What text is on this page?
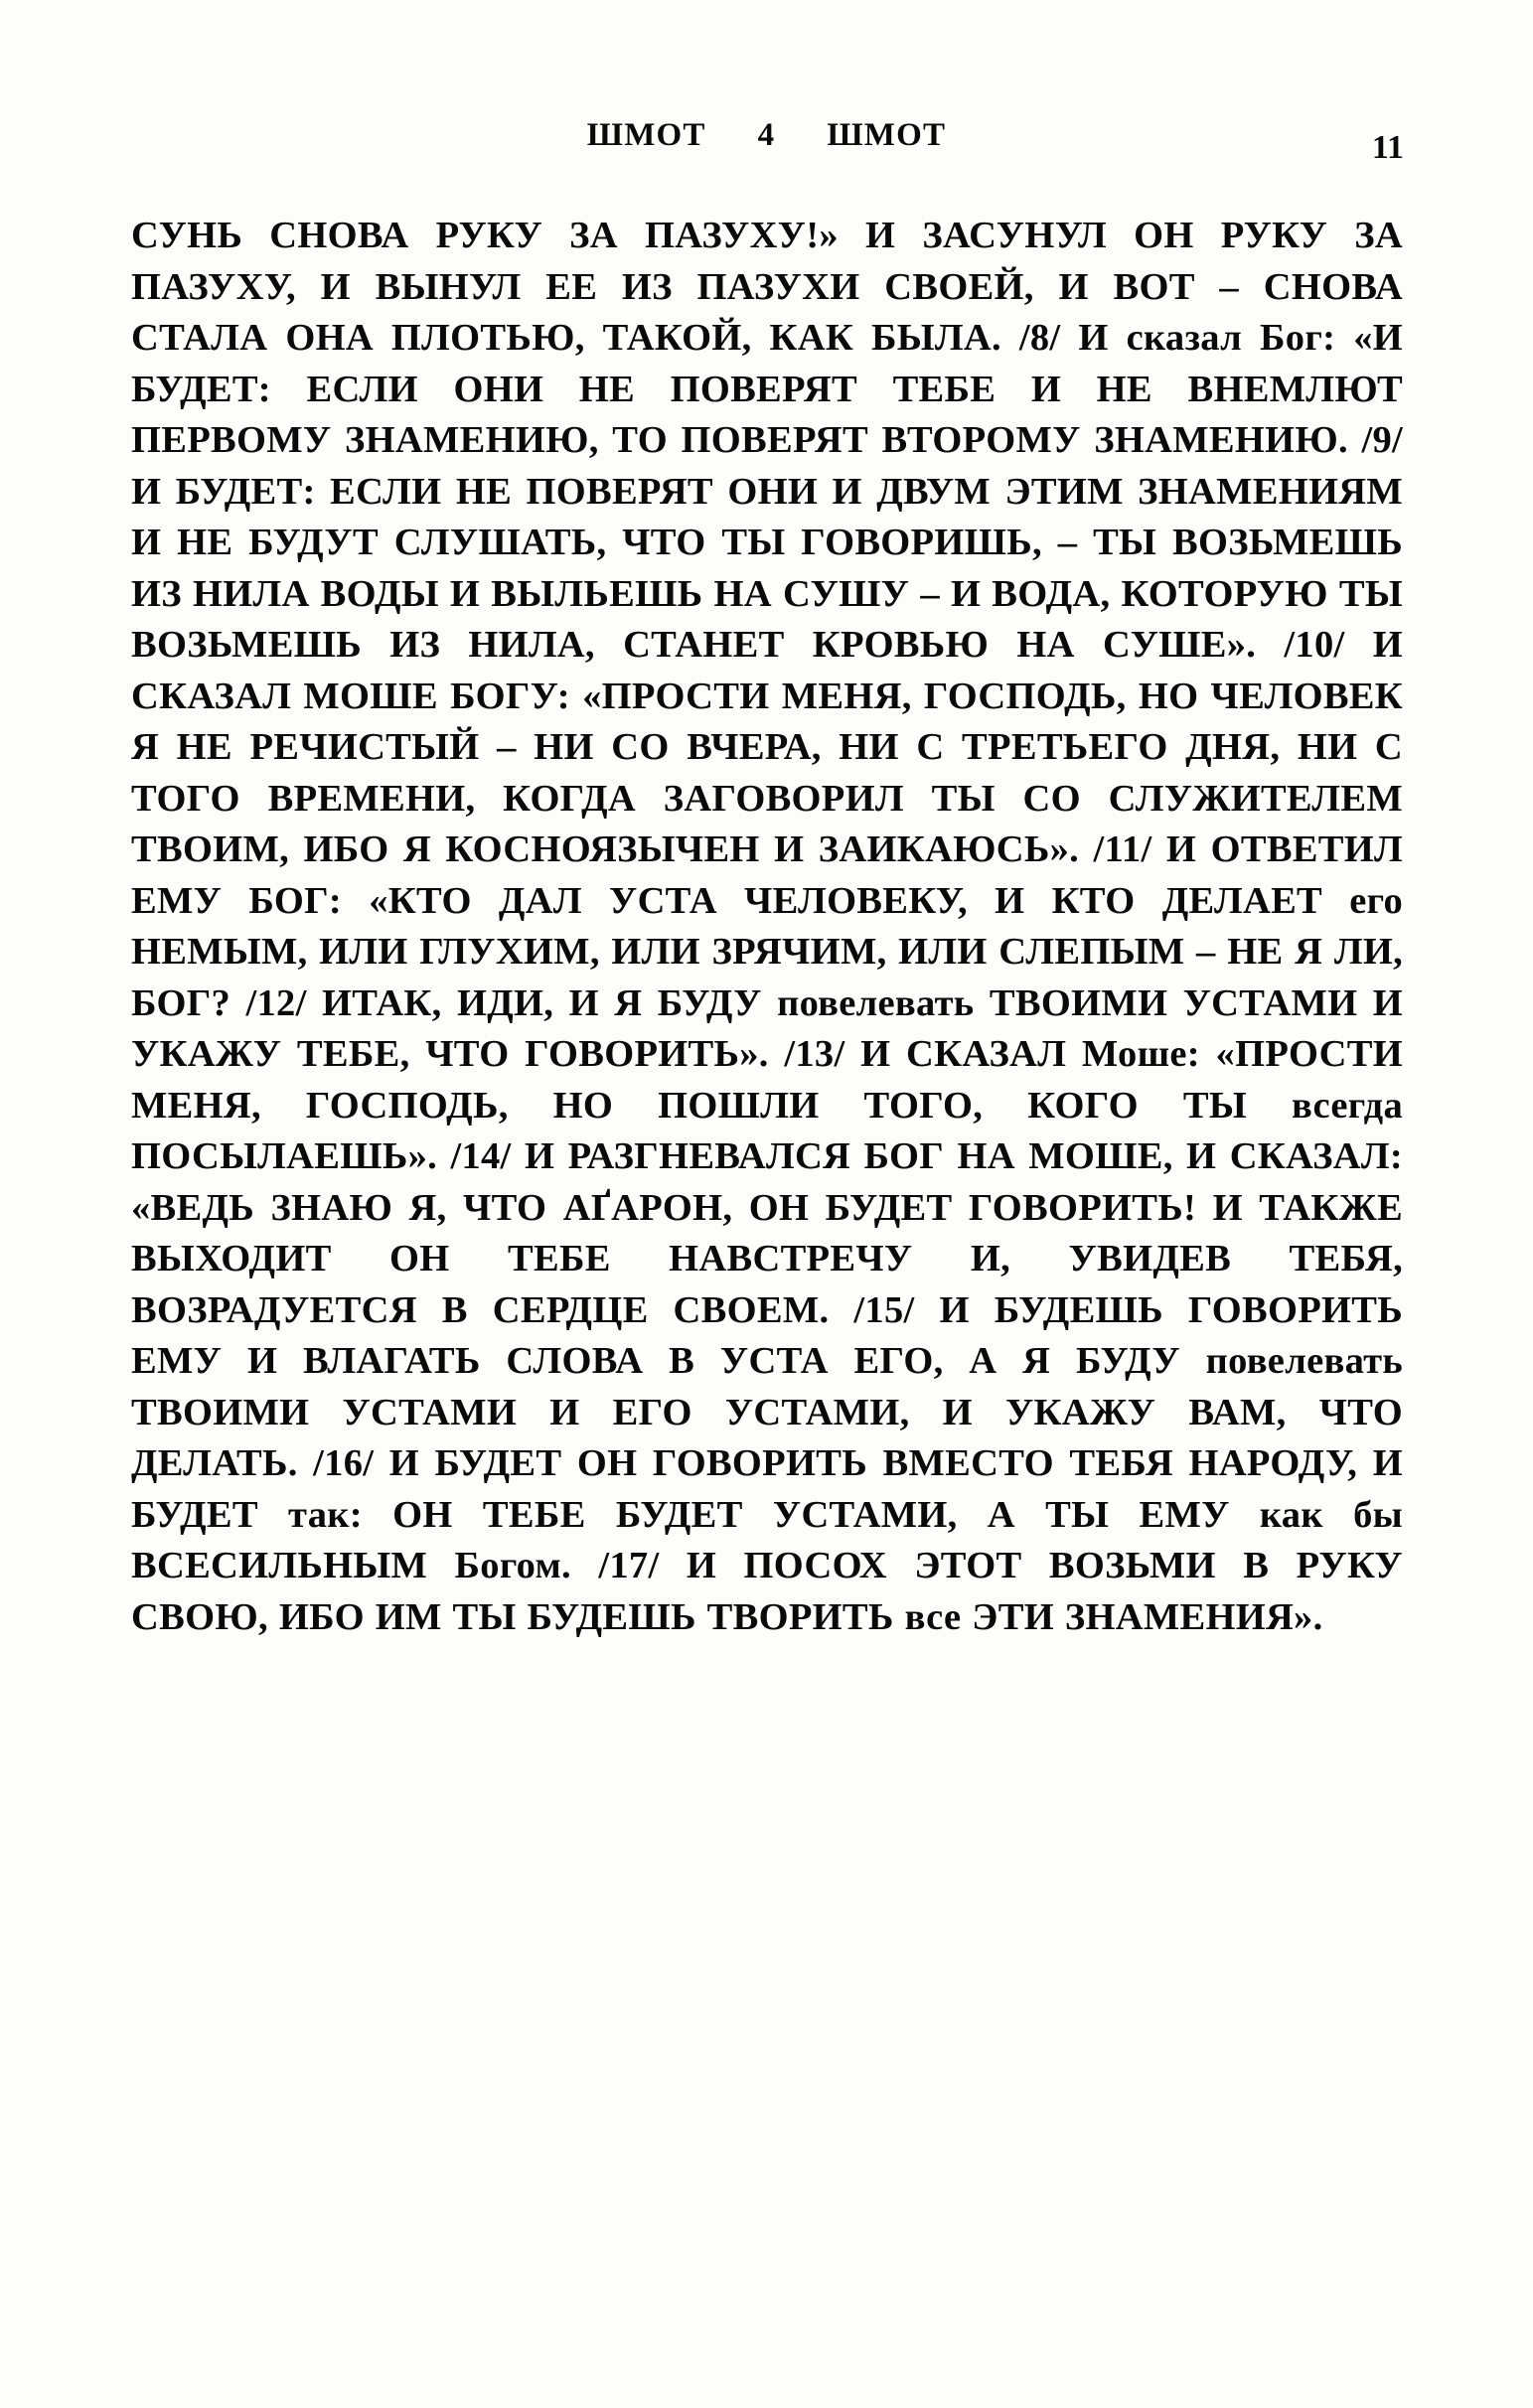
ШМОТ 4 ШМОТ	11
СУНЬ СНОВА РУКУ ЗА ПАЗУХУ!» И ЗАСУНУЛ ОН РУКУ ЗА ПАЗУХУ, И ВЫНУЛ ЕЕ ИЗ ПАЗУХИ СВОЕЙ, И ВОТ – СНОВА СТАЛА ОНА ПЛОТЬЮ, ТАКОЙ, КАК БЫЛА. /8/ И сказал Бог: «И БУДЕТ: ЕСЛИ ОНИ НЕ ПОВЕРЯТ ТЕБЕ И НЕ ВНЕМЛЮТ ПЕРВОМУ ЗНАМЕНИЮ, ТО ПОВЕРЯТ ВТОРОМУ ЗНАМЕНИЮ. /9/ И БУДЕТ: ЕСЛИ НЕ ПОВЕРЯТ ОНИ И ДВУМ ЭТИМ ЗНАМЕНИЯМ И НЕ БУДУТ СЛУШАТЬ, ЧТО ТЫ ГОВОРИШЬ, – ТЫ ВОЗЬМЕШЬ ИЗ НИЛА ВОДЫ И ВЫЛЬЕШЬ НА СУШУ – И ВОДА, КОТОРУЮ ТЫ ВОЗЬМЕШЬ ИЗ НИЛА, СТАНЕТ КРОВЬЮ НА СУШЕ». /10/ И СКАЗАЛ МОШЕ БОГУ: «ПРОСТИ МЕНЯ, ГОСПОДЬ, НО ЧЕЛОВЕК Я НЕ РЕЧИСТЫЙ – НИ СО ВЧЕРА, НИ С ТРЕТЬЕГО ДНЯ, НИ С ТОГО ВРЕМЕНИ, КОГДА ЗАГОВОРИЛ ТЫ СО СЛУЖИТЕЛЕМ ТВОИМ, ИБО Я КОСНОЯЗЫЧЕН И ЗАИКАЮСЬ». /11/ И ОТВЕТИЛ ЕМУ БОГ: «КТО ДАЛ УСТА ЧЕЛОВЕКУ, И КТО ДЕЛАЕТ его НЕМЫМ, ИЛИ ГЛУХИМ, ИЛИ ЗРЯЧИМ, ИЛИ СЛЕПЫМ – НЕ Я ЛИ, БОГ? /12/ ИТАК, ИДИ, И Я БУДУ повелевать ТВОИМИ УСТАМИ И УКАЖУ ТЕБЕ, ЧТО ГОВОРИТЬ». /13/ И СКАЗАЛ Моше: «ПРОСТИ МЕНЯ, ГОСПОДЬ, НО ПОШЛИ ТОГО, КОГО ТЫ всегда ПОСЫЛАЕШЬ». /14/ И РАЗГНЕВАЛСЯ БОГ НА МОШЕ, И СКАЗАЛ: «ВЕДЬ ЗНАЮ Я, ЧТО АҐАРОН, ОН БУДЕТ ГОВОРИТЬ! И ТАКЖЕ ВЫХОДИТ ОН ТЕБЕ НАВСТРЕЧУ И, УВИДЕВ ТЕБЯ, ВОЗРАДУЕТСЯ В СЕРДЦЕ СВОЕМ. /15/ И БУДЕШЬ ГОВОРИТЬ ЕМУ И ВЛАГАТЬ СЛОВА В УСТА ЕГО, А Я БУДУ повелевать ТВОИМИ УСТАМИ И ЕГО УСТАМИ, И УКАЖУ ВАМ, ЧТО ДЕЛАТЬ. /16/ И БУДЕТ ОН ГОВОРИТЬ ВМЕСТО ТЕБЯ НАРОДУ, И БУДЕТ так: ОН ТЕБЕ БУДЕТ УСТАМИ, А ТЫ ЕМУ как бы ВСЕСИЛЬНЫМ Богом. /17/ И ПОСОХ ЭТОТ ВОЗЬМИ В РУКУ СВОЮ, ИБО ИМ ТЫ БУДЕШЬ ТВОРИТЬ все ЭТИ ЗНАМЕНИЯ».
